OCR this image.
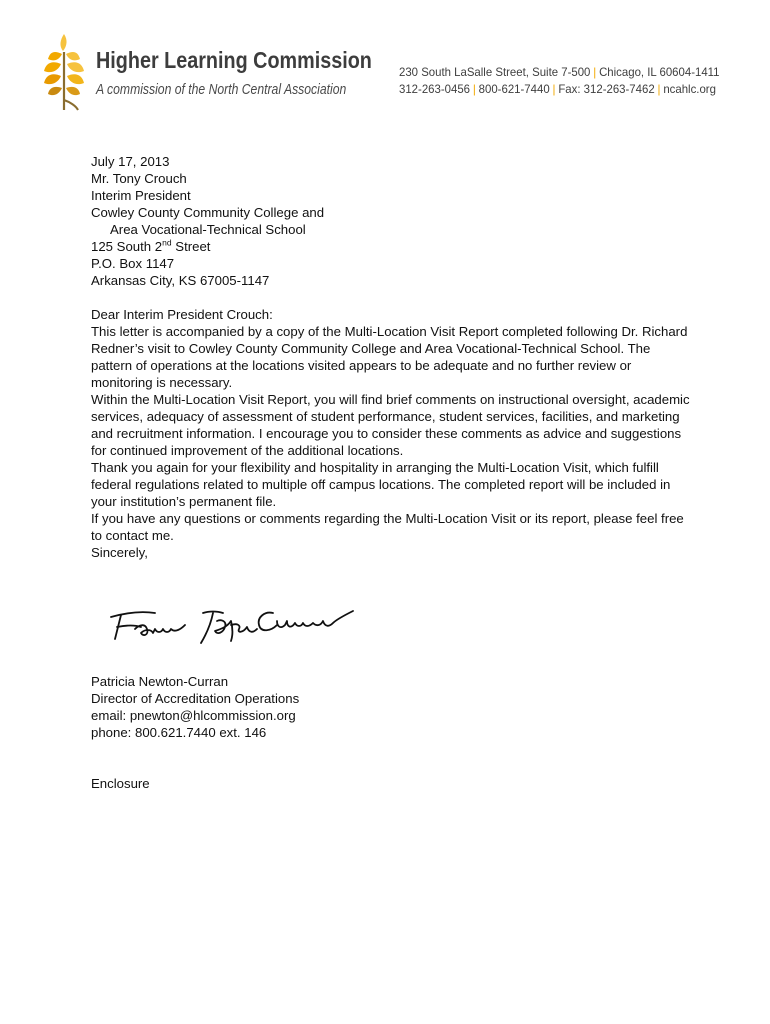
Higher Learning Commission
A commission of the North Central Association
230 South LaSalle Street, Suite 7-500 | Chicago, IL 60604-1411
312-263-0456 | 800-621-7440 | Fax: 312-263-7462 | ncahlc.org

July 17, 2013

Mr. Tony Crouch

Interim President

Cowley County Community College and

Area Vocational-Technical School

125 South 2nd Street

P.O. Box 1147

Arkansas City, KS 67005-1147

Dear Interim President Crouch:

This letter is accompanied by a copy of the Multi-Location Visit Report completed following Dr. Richard Redner’s visit to Cowley County Community College and Area Vocational-Technical School. The pattern of operations at the locations visited appears to be adequate and no further review or monitoring is necessary.

Within the Multi-Location Visit Report, you will find brief comments on instructional oversight, academic services, adequacy of assessment of student performance, student services, facilities, and marketing and recruitment information. I encourage you to consider these comments as advice and suggestions for continued improvement of the additional locations.

Thank you again for your flexibility and hospitality in arranging the Multi-Location Visit, which fulfill federal regulations related to multiple off campus locations. The completed report will be included in your institution’s permanent file.

If you have any questions or comments regarding the Multi-Location Visit or its report, please feel free to contact me.

Sincerely,

Patricia Newton-Curran

Director of Accreditation Operations

email: pnewton@hlcommission.org

phone: 800.621.7440 ext. 146

Enclosure
